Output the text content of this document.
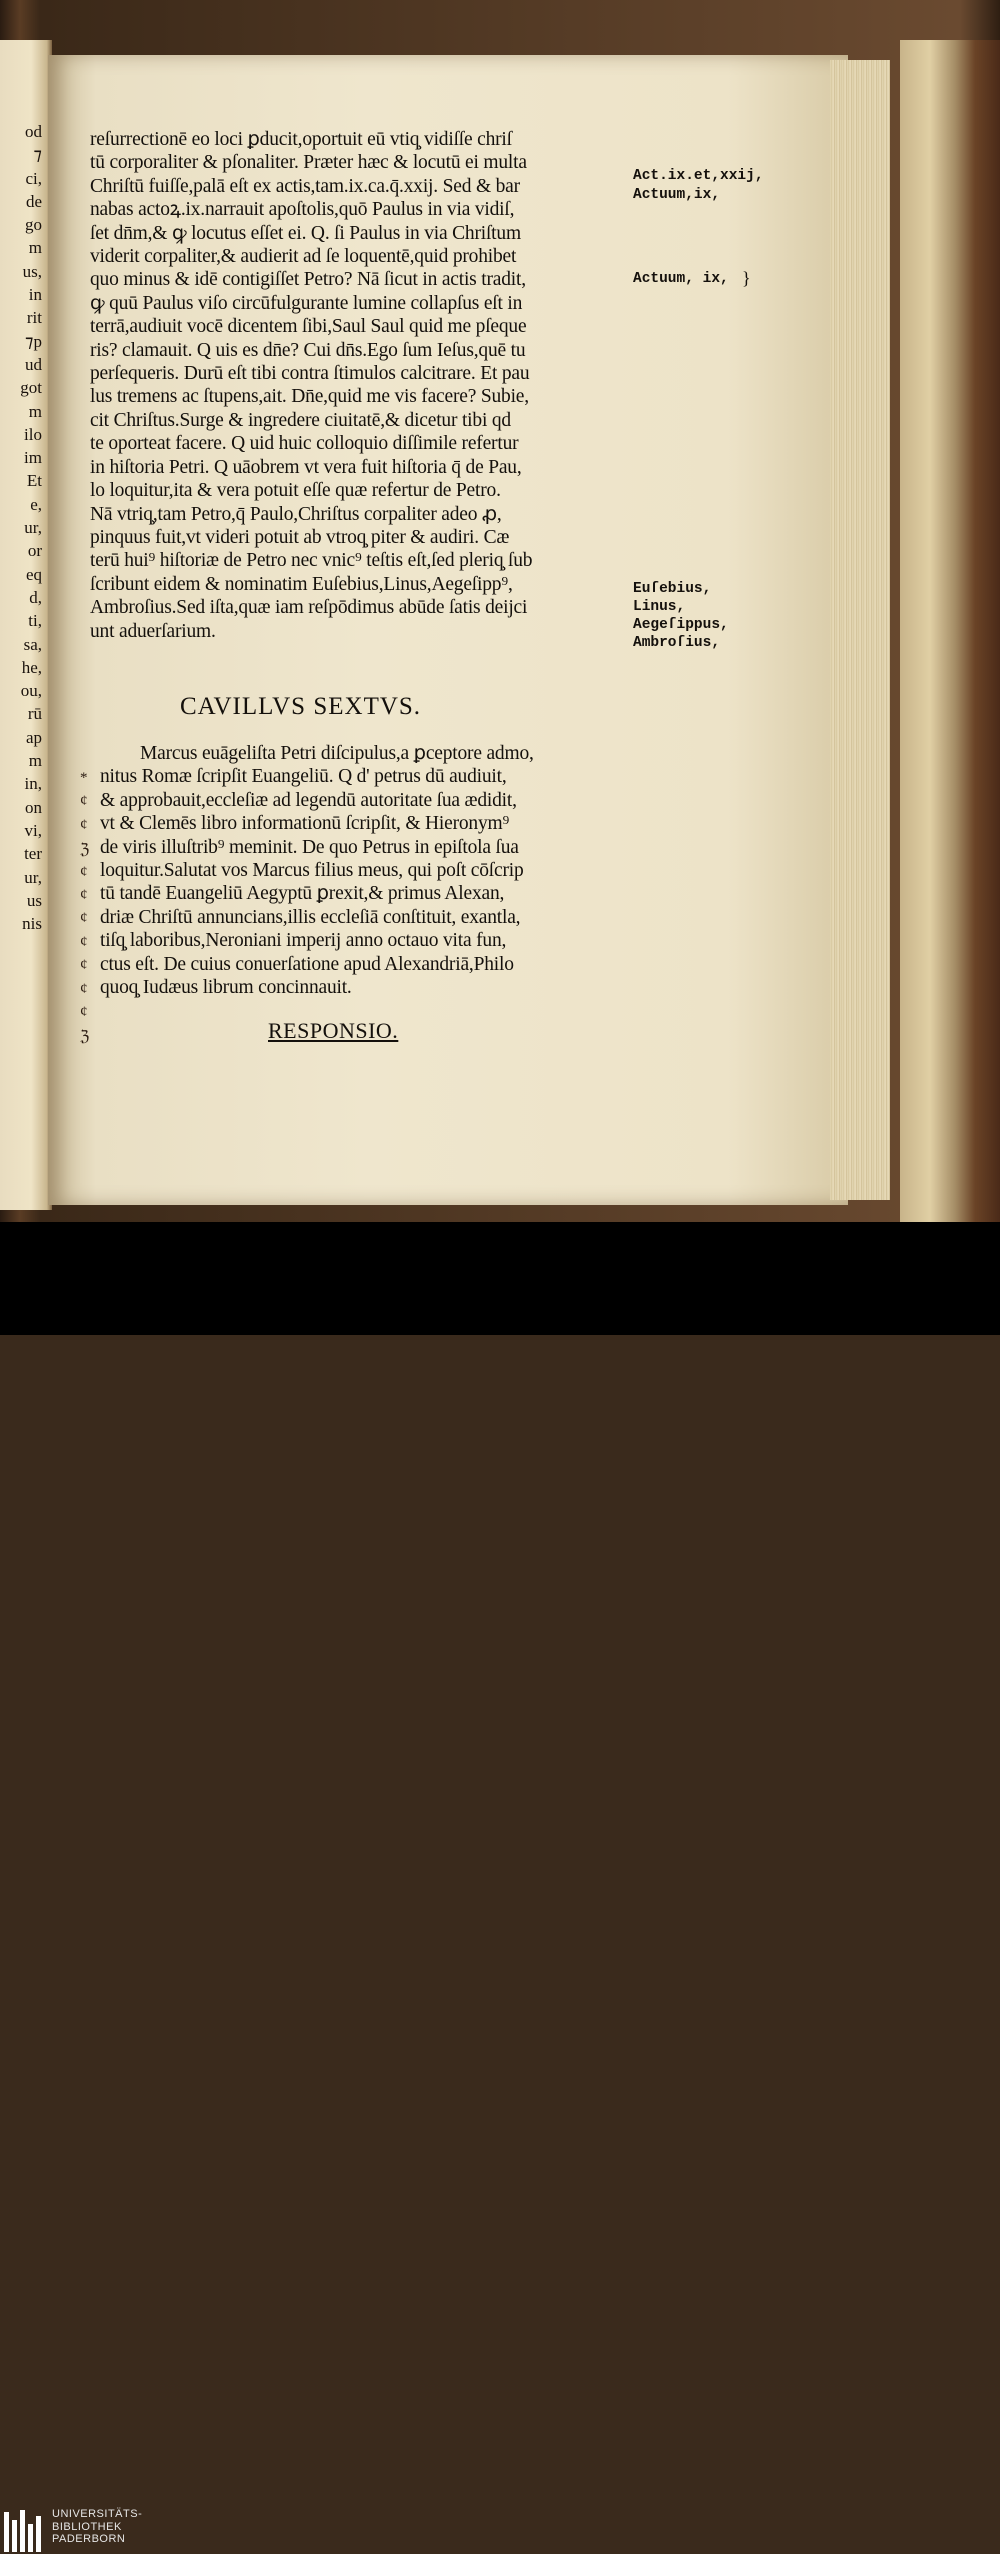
od
⁊
ci,
de
go
m
us,
in
rit
⁊p
ud
got
m
ilo
im
Et
e,
ur,
or
eq
d,
ti,
sa,
he,
ou,
rū
ap
m
in,
on
vi,
ter
ur,
us
nis
reſurrectionē eo loci ꝑducit,oportuit eū vtiq̧ vidiſſe chriſ
tū corporaliter & pſonaliter. Præter hæc & locutū ei multa
Chriſtū fuiſſe,palā eſt ex actis,tam.ix.ca.q̄.xxij. Sed & bar
nabas actoꝝ.ix.narrauit apoſtolis,quō Paulus in via vidiſ,
ſet dn̄m,& ꝙ locutus eſſet ei. Q. ſi Paulus in via Chriſtum
viderit corpaliter,& audierit ad ſe loquentē,quid prohibet
quo minus & idē contigiſſet Petro? Nā ſicut in actis tradit,
ꝙ quū Paulus viſo circūfulgurante lumine collapſus eſt in
terrā,audiuit vocē dicentem ſibi,Saul Saul quid me pſeque
ris? clamauit. Q uis es dn̄e? Cui dn̄s.Ego ſum Ieſus,quē tu
perſequeris. Durū eſt tibi contra ſtimulos calcitrare. Et pau
lus tremens ac ſtupens,ait. Dn̄e,quid me vis facere? Subie,
cit Chriſtus.Surge & ingredere ciuitatē,& dicetur tibi qd
te oporteat facere. Q uid huic colloquio diſſimile refertur
in hiſtoria Petri. Q uāobrem vt vera fuit hiſtoria q̄ de Pau,
lo loquitur,ita & vera potuit eſſe quæ refertur de Petro.
Nā vtriq̧,tam Petro,q̄ Paulo,Chriſtus corpaliter adeo ꝓ,
pinquus fuit,vt videri potuit ab vtroq̧ piter & audiri. Cæ
terū hui⁹ hiſtoriæ de Petro nec vnic⁹ teſtis eſt,ſed pleriq̧ ſub
ſcribunt eidem & nominatim Euſebius,Linus,Aegeſipp⁹,
Ambroſius.Sed iſta,quæ iam reſpōdimus abūde ſatis deijci
unt aduerſarium.
Act.ix.et,xxij,
Actuum,ix,
Actuum, ix, }
Euſebius,
Linus,
Aegeſippus,
Ambroſius,
CAVILLVS SEXTVS.
*
¢
¢
ℨ
¢
¢
¢
¢
¢
¢
¢
ℨ
Marcus euāgeliſta Petri diſcipulus,a ꝑceptore admo,
nitus Romæ ſcripſit Euangeliū. Q d' petrus dū audiuit,
& approbauit,eccleſiæ ad legendū autoritate ſua ædidit,
vt & Clemēs libro informationū ſcripſit, & Hieronym⁹
de viris illuſtrib⁹ meminit. De quo Petrus in epiſtola ſua
loquitur.Salutat vos Marcus filius meus, qui poſt cōſcrip
tū tandē Euangeliū Aegyptū ꝑrexit,& primus Alexan,
driæ Chriſtū annuncians,illis eccleſiā conſtituit, exantla,
tiſq̧ laboribus,Neroniani imperij anno octauo vita fun,
ctus eſt. De cuius conuerſatione apud Alexandriā,Philo
quoq̧ Iudæus librum concinnauit.
RESPONSIO.
UNIVERSITÄTS-
BIBLIOTHEK
PADERBORN
